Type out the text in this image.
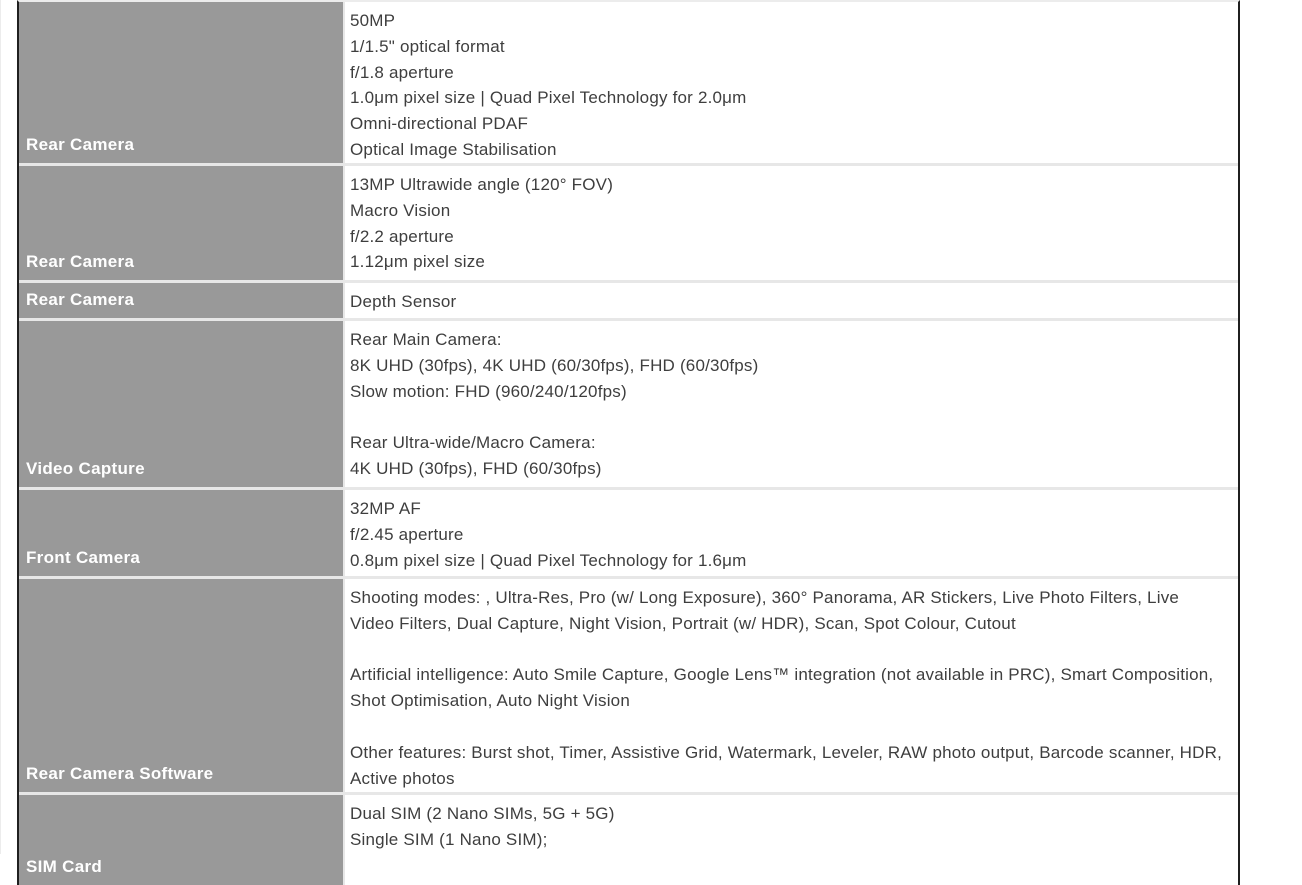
Rear Camera
50MP
1/1.5" optical format
f/1.8 aperture
1.0μm pixel size | Quad Pixel Technology for 2.0μm
Omni-directional PDAF
Optical Image Stabilisation
Rear Camera
13MP Ultrawide angle (120° FOV)
Macro Vision
f/2.2 aperture
1.12μm pixel size
Rear Camera	Depth Sensor
Video Capture
Rear Main Camera:
8K UHD (30fps), 4K UHD (60/30fps), FHD (60/30fps)
Slow motion: FHD (960/240/120fps)
Rear Ultra-wide/Macro Camera:
4K UHD (30fps), FHD (60/30fps)
Front Camera
32MP AF
f/2.45 aperture
0.8μm pixel size | Quad Pixel Technology for 1.6μm
Rear Camera Software
Shooting modes: , Ultra-Res, Pro (w/ Long Exposure), 360° Panorama, AR Stickers, Live Photo Filters, Live Video Filters, Dual Capture, Night Vision, Portrait (w/ HDR), Scan, Spot Colour, Cutout
Artificial intelligence: Auto Smile Capture, Google Lens™ integration (not available in PRC), Smart Composition, Shot Optimisation, Auto Night Vision
Other features: Burst shot, Timer, Assistive Grid, Watermark, Leveler, RAW photo output, Barcode scanner, HDR, Active photos
SIM Card
Dual SIM (2 Nano SIMs, 5G + 5G)
Single SIM (1 Nano SIM);
